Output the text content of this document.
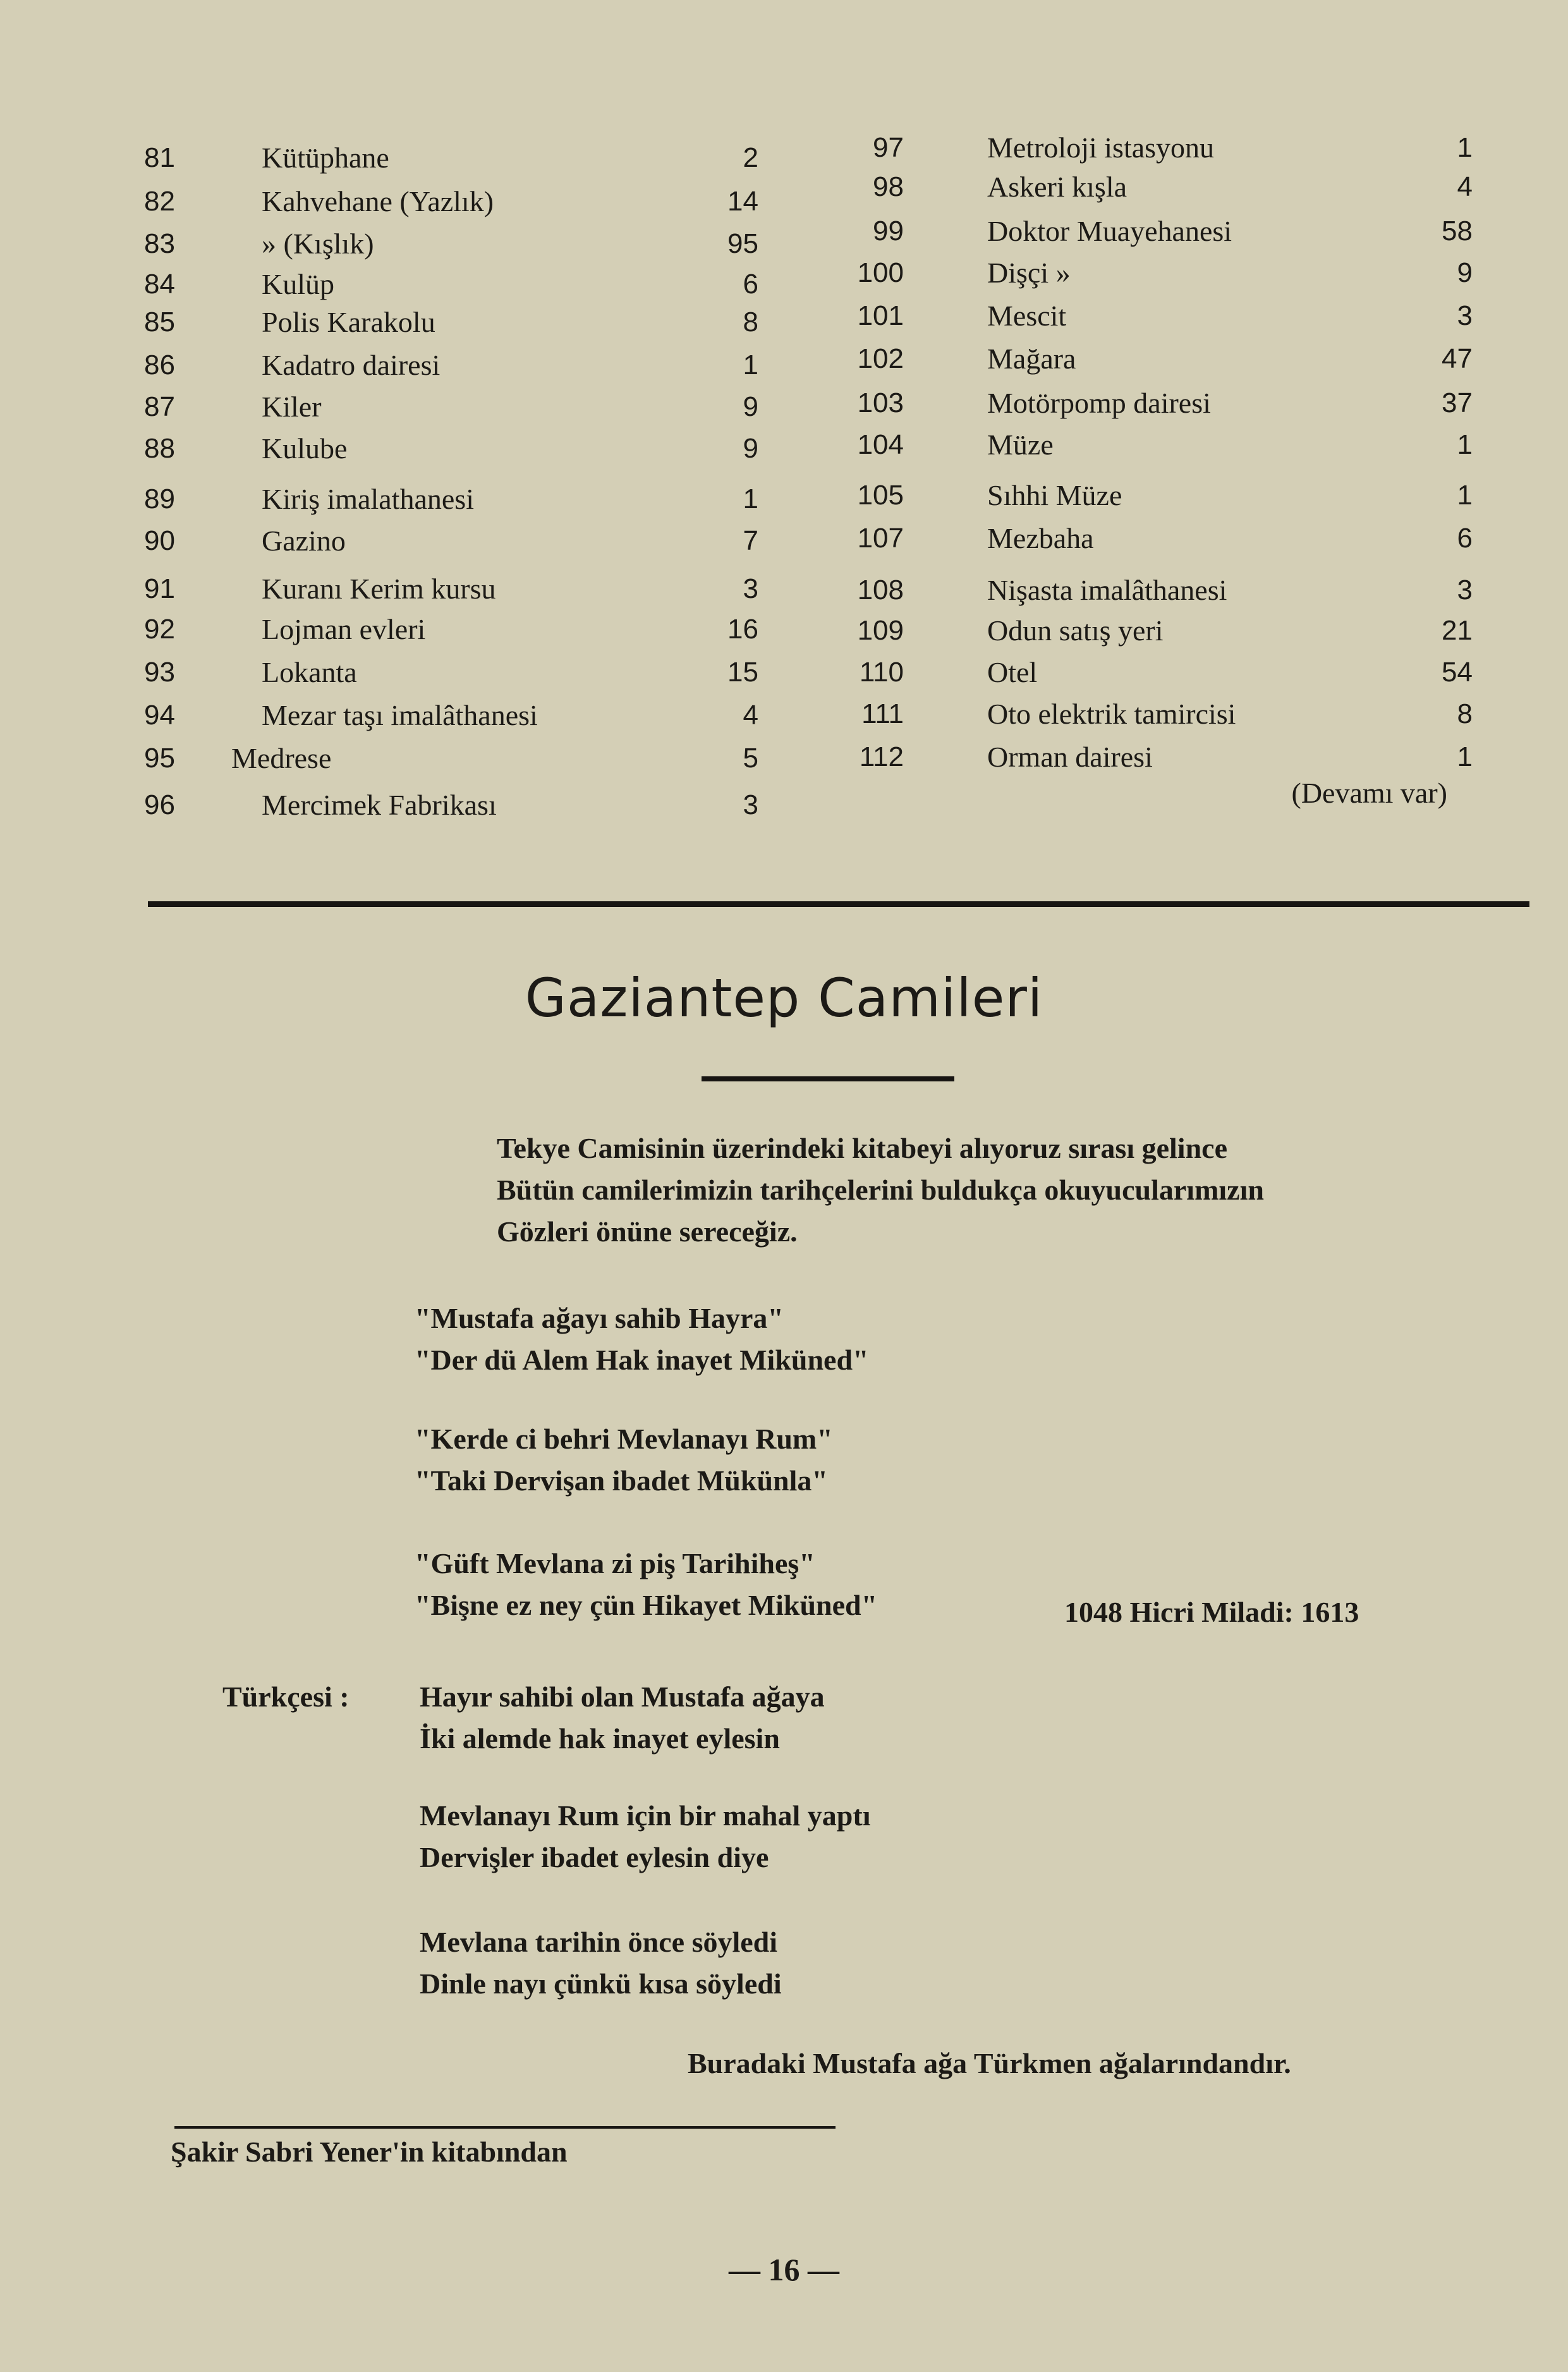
81	Kütüphane	2
82	Kahvehane (Yazlık)	14
83	» (Kışlık)	95
84	Kulüp	6
85	Polis Karakolu	8
86	Kadatro dairesi	1
87	Kiler	9
88	Kulube	9
89	Kiriş imalathanesi	1
90	Gazino	7
91	Kuranı Kerim kursu	3
92	Lojman evleri	16
93	Lokanta	15
94	Mezar taşı imalâthanesi	4
95	Medrese	5
96	Mercimek Fabrikası	3
97	Metroloji istasyonu	1
98	Askeri kışla	4
99	Doktor Muayehanesi	58
100	Dişçi »	9
101	Mescit	3
102	Mağara	47
103	Motörpomp dairesi	37
104	Müze	1
105	Sıhhi Müze	1
107	Mezbaha	6
108	Nişasta imalâthanesi	3
109	Odun satış yeri	21
110	Otel	54
111	Oto elektrik tamircisi	8
112	Orman dairesi	1
(Devamı var)
Gaziantep Camileri
Tekye Camisinin üzerindeki kitabeyi alıyoruz sırası gelince
Bütün camilerimizin tarihçelerini buldukça okuyucularımızın
Gözleri önüne sereceğiz.
"Mustafa ağayı sahib Hayra"
"Der dü Alem Hak inayet Miküned"
"Kerde ci behri Mevlanayı Rum"
"Taki Dervişan ibadet Mükünla"
"Güft Mevlana zi piş Tarihiheş"
"Bişne ez ney çün Hikayet Miküned"	1048 Hicri Miladi: 1613
Türkçesi : Hayır sahibi olan Mustafa ağaya
İki alemde hak inayet eylesin
Mevlanayı Rum için bir mahal yaptı
Dervişler ibadet eylesin diye
Mevlana tarihin önce söyledi
Dinle nayı çünkü kısa söyledi
Buradaki Mustafa ağa Türkmen ağalarındandır.
Şakir Sabri Yener'in kitabından
— 16 —
